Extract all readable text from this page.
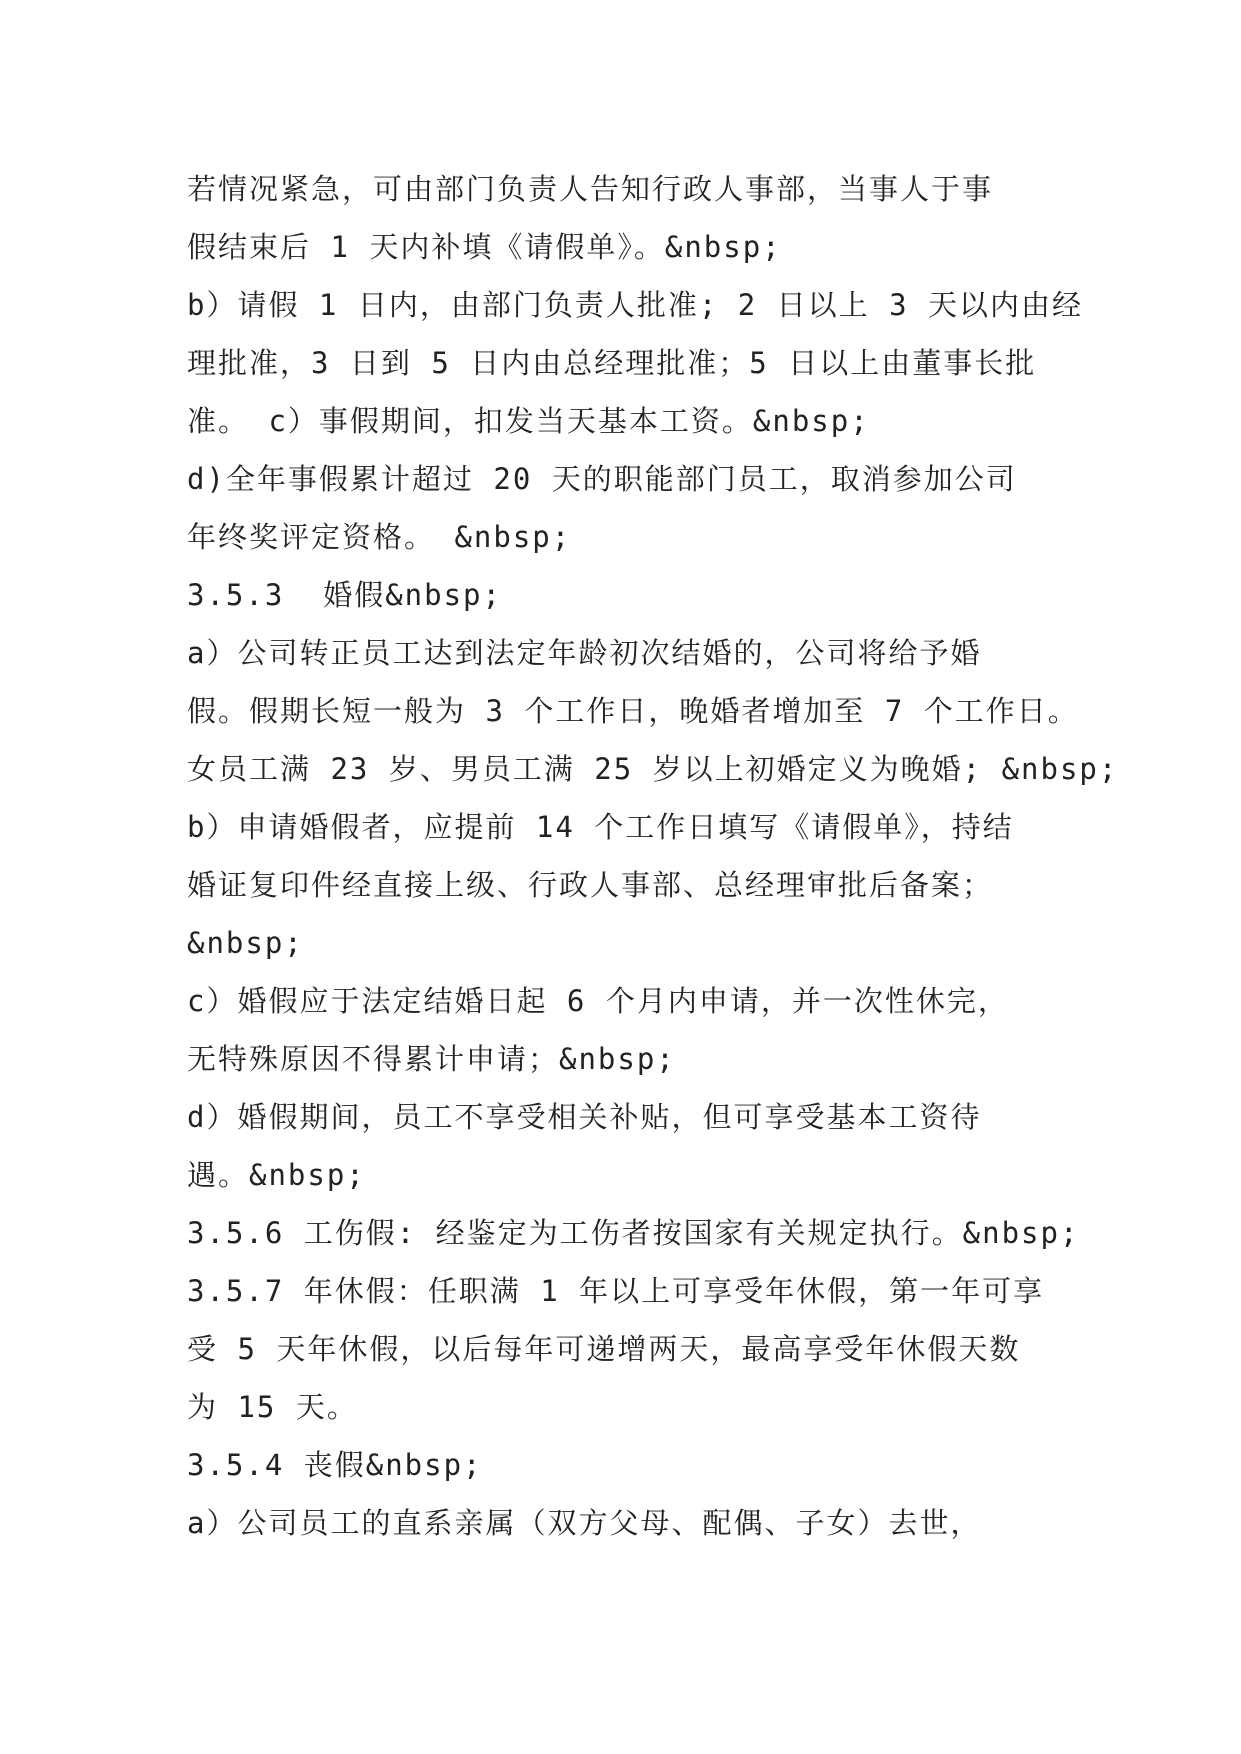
若情况紧急，可由部门负责人告知行政人事部，当事人于事
假结束后 1 天内补填《请假单》。&nbsp;
b）请假 1 日内，由部门负责人批准; 2 日以上 3 天以内由经
理批准，3 日到 5 日内由总经理批准；5 日以上由董事长批
准。 c）事假期间，扣发当天基本工资。&nbsp;
d)全年事假累计超过 20 天的职能部门员工，取消参加公司
年终奖评定资格。 &nbsp;
3.5.3  婚假&nbsp;
a）公司转正员工达到法定年龄初次结婚的，公司将给予婚
假。假期长短一般为 3 个工作日，晚婚者增加至 7 个工作日。
女员工满 23 岁、男员工满 25 岁以上初婚定义为晚婚; &nbsp;
b）申请婚假者，应提前 14 个工作日填写《请假单》，持结
婚证复印件经直接上级、行政人事部、总经理审批后备案；
&nbsp;
c）婚假应于法定结婚日起 6 个月内申请，并一次性休完，
无特殊原因不得累计申请；&nbsp;
d）婚假期间，员工不享受相关补贴，但可享受基本工资待
遇。&nbsp;
3.5.6 工伤假: 经鉴定为工伤者按国家有关规定执行。&nbsp;
3.5.7 年休假：任职满 1 年以上可享受年休假，第一年可享
受 5 天年休假，以后每年可递增两天，最高享受年休假天数
为 15 天。
3.5.4 丧假&nbsp;
a）公司员工的直系亲属（双方父母、配偶、子女）去世，
